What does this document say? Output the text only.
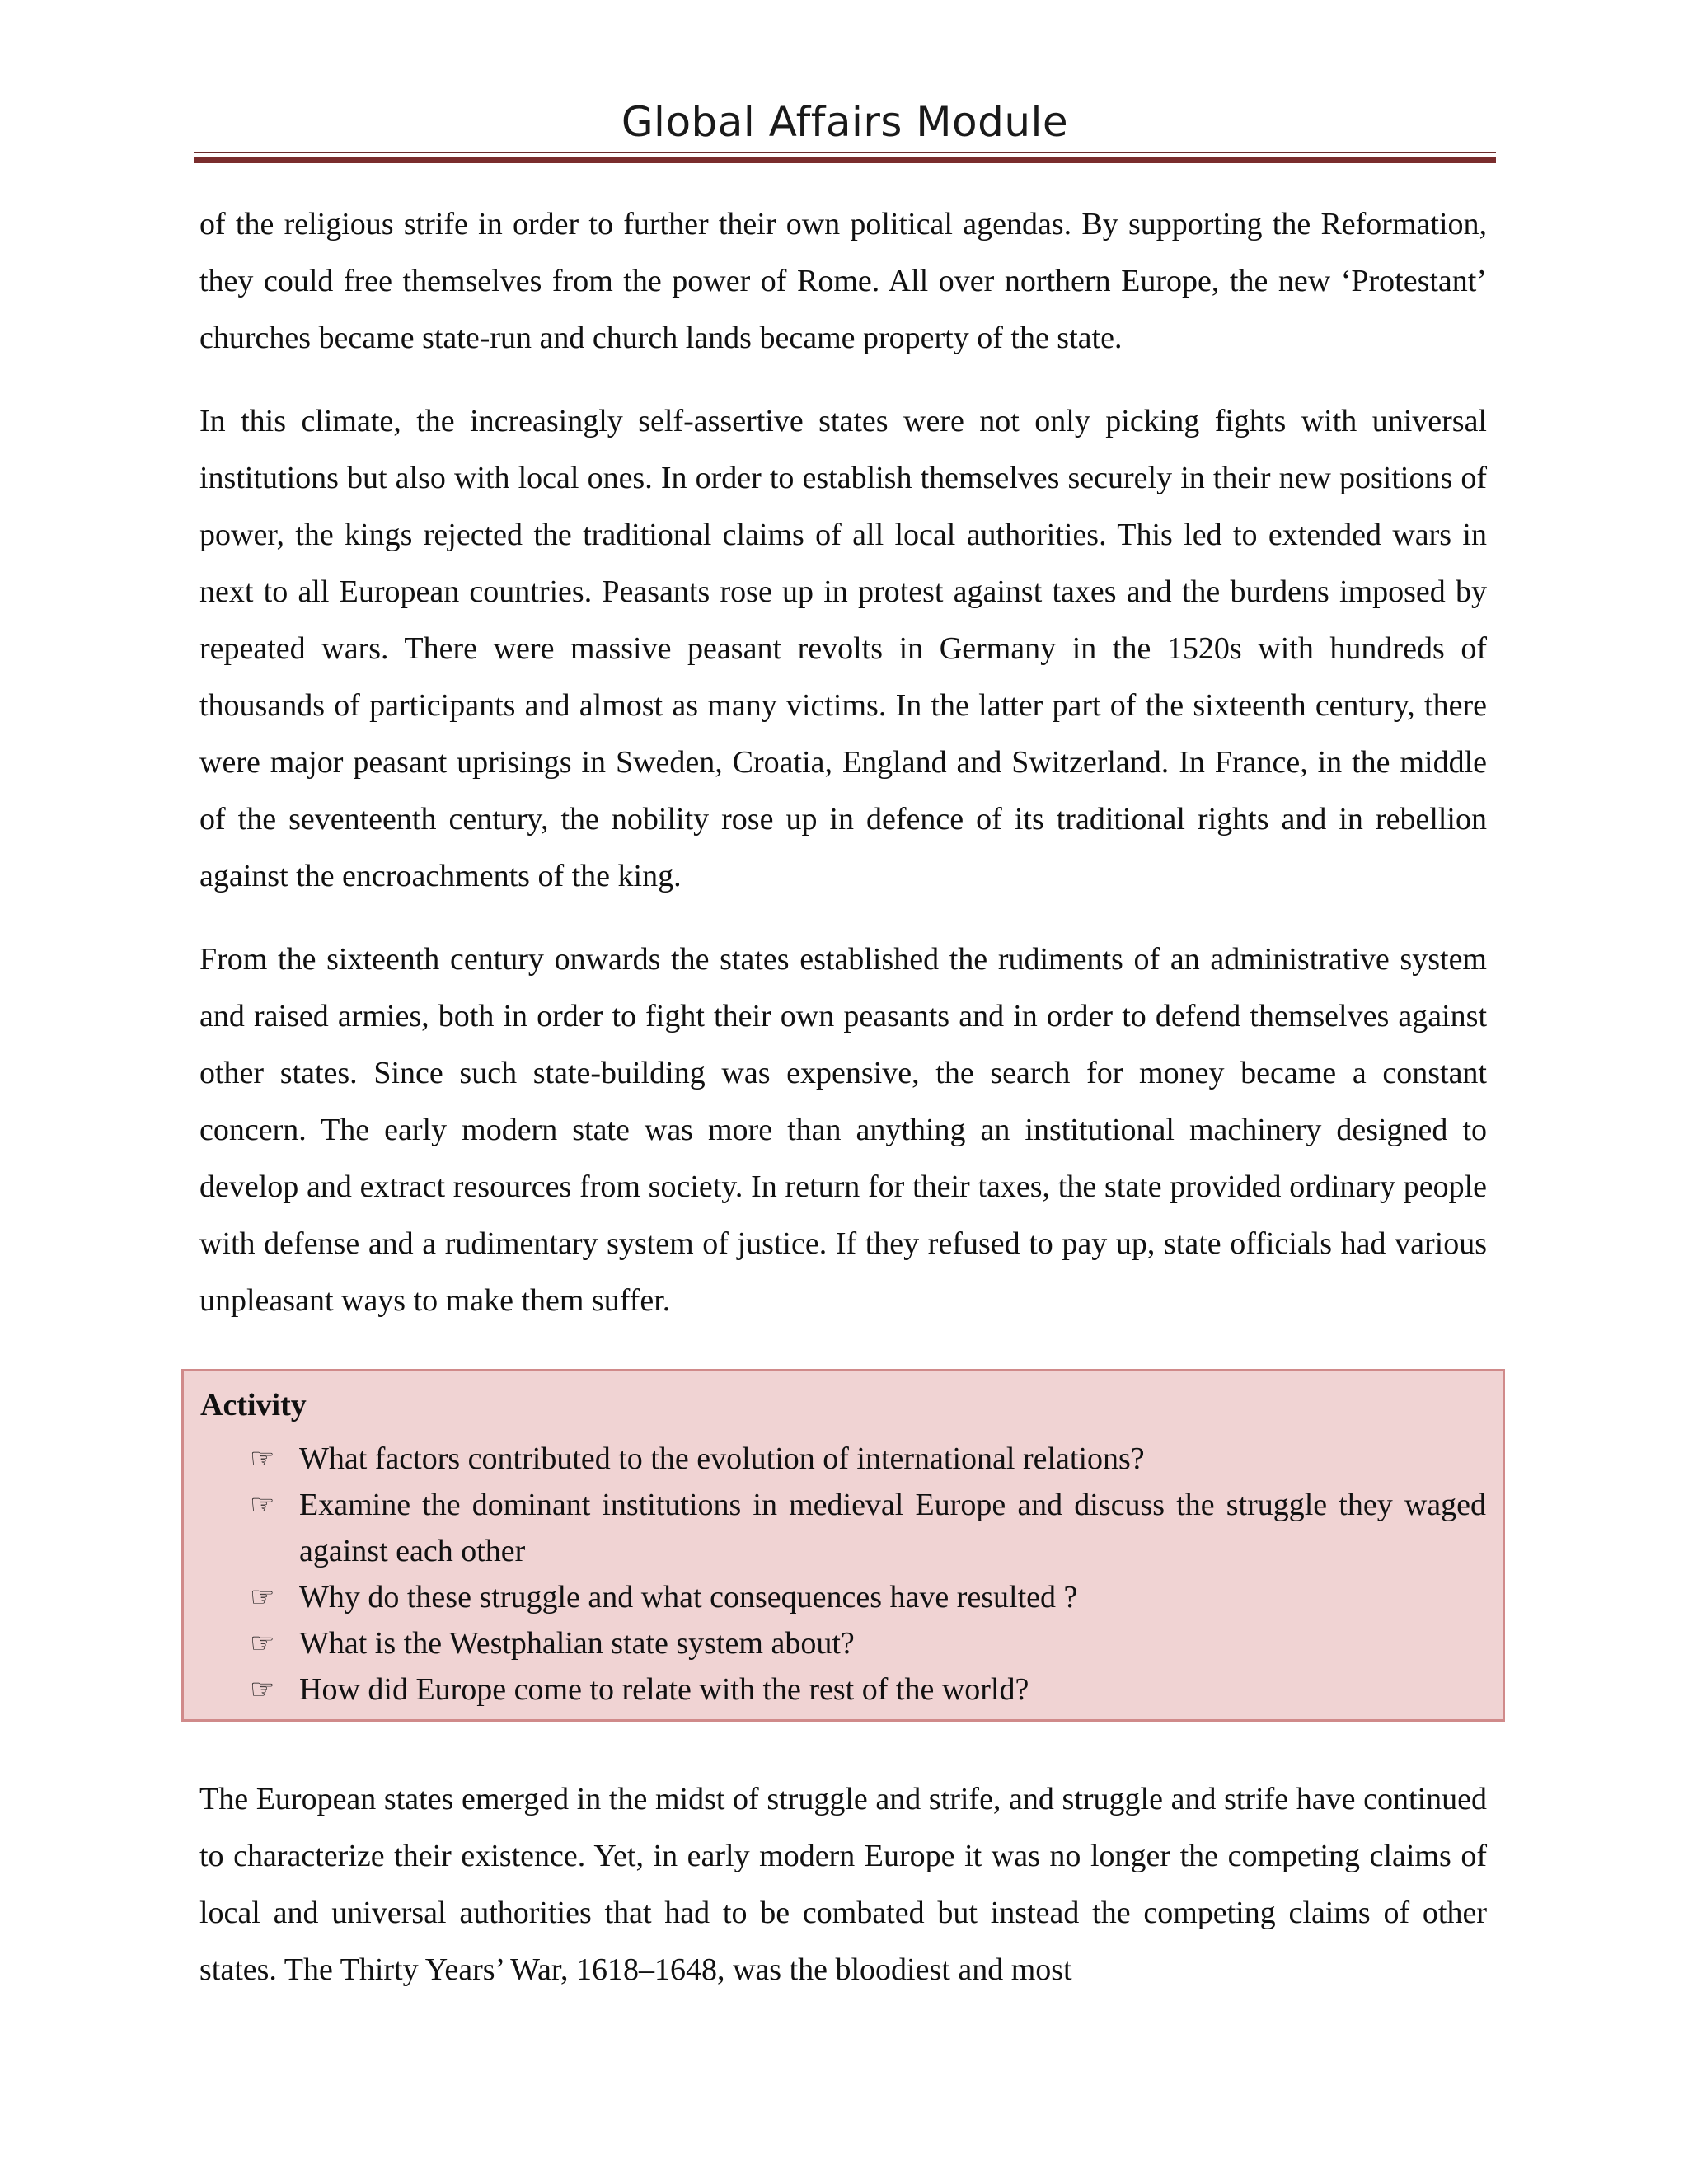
Global Affairs Module

of the religious strife in order to further their own political agendas. By supporting the Reformation, they could free themselves from the power of Rome. All over northern Europe, the new ‘Protestant’ churches became state-run and church lands became property of the state.

In this climate, the increasingly self-assertive states were not only picking fights with universal institutions but also with local ones. In order to establish themselves securely in their new positions of power, the kings rejected the traditional claims of all local authorities. This led to extended wars in next to all European countries. Peasants rose up in protest against taxes and the burdens imposed by repeated wars. There were massive peasant revolts in Germany in the 1520s with hundreds of thousands of participants and almost as many victims. In the latter part of the sixteenth century, there were major peasant uprisings in Sweden, Croatia, England and Switzerland. In France, in the middle of the seventeenth century, the nobility rose up in defence of its traditional rights and in rebellion against the encroachments of the king.

From the sixteenth century onwards the states established the rudiments of an administrative system and raised armies, both in order to fight their own peasants and in order to defend themselves against other states. Since such state-building was expensive, the search for money became a constant concern. The early modern state was more than anything an institutional machinery designed to develop and extract resources from society. In return for their taxes, the state provided ordinary people with defense and a rudimentary system of justice. If they refused to pay up, state officials had various unpleasant ways to make them suffer.

Activity
☞ What factors contributed to the evolution of international relations?
☞ Examine the dominant institutions in medieval Europe and discuss the struggle they waged against each other
☞ Why do these struggle and what consequences have resulted ?
☞ What is the Westphalian state system about?
☞ How did Europe come to relate with the rest of the world?

The European states emerged in the midst of struggle and strife, and struggle and strife have continued to characterize their existence. Yet, in early modern Europe it was no longer the competing claims of local and universal authorities that had to be combated but instead the competing claims of other states. The Thirty Years’ War, 1618–1648, was the bloodiest and most
